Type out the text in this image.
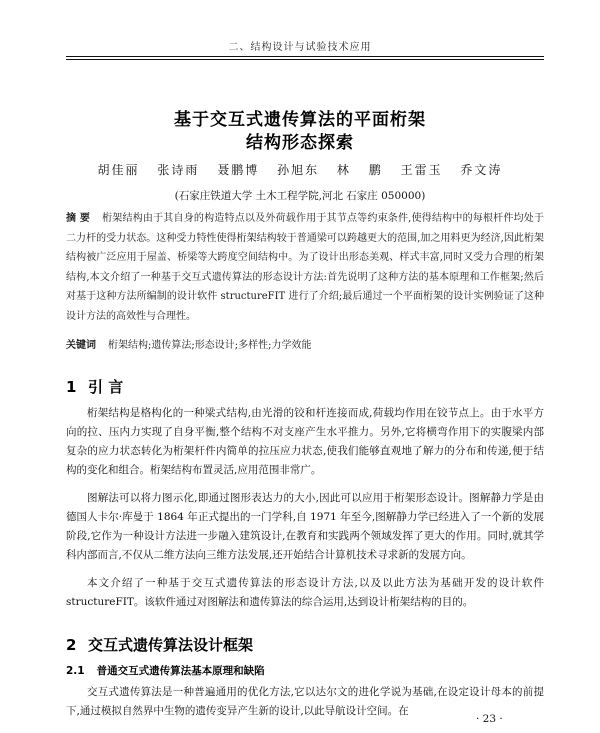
二、结构设计与试验技术应用
基于交互式遗传算法的平面桁架
结构形态探索
胡佳丽 张诗雨 聂鹏博 孙旭东 林 鹏 王雷玉 乔文涛
(石家庄铁道大学 土木工程学院,河北 石家庄 050000)
摘 要 桁架结构由于其自身的构造特点以及外荷载作用于其节点等约束条件,使得结构中的每根杆件均处于二力杆的受力状态。这种受力特性使得桁架结构较于普通梁可以跨越更大的范围,加之用料更为经济,因此桁架结构被广泛应用于屋盖、桥梁等大跨度空间结构中。为了设计出形态美观、样式丰富,同时又受力合理的桁架结构,本文介绍了一种基于交互式遗传算法的形态设计方法:首先说明了这种方法的基本原理和工作框架;然后对基于这种方法所编制的设计软件 structureFIT 进行了介绍;最后通过一个平面桁架的设计实例验证了这种设计方法的高效性与合理性。
关键词 桁架结构;遗传算法;形态设计;多样性;力学效能
1 引 言

桁架结构是格构化的一种梁式结构,由光滑的铰和杆连接而成,荷载均作用在铰节点上。由于水平方向的拉、压内力实现了自身平衡,整个结构不对支座产生水平推力。另外,它将横弯作用下的实腹梁内部复杂的应力状态转化为桁架杆件内简单的拉压应力状态,使我们能够直观地了解力的分布和传递,便于结构的变化和组合。桁架结构布置灵活,应用范围非常广。

图解法可以将力图示化,即通过图形表达力的大小,因此可以应用于桁架形态设计。图解静力学是由德国人卡尔·库曼于 1864 年正式提出的一门学科,自 1971 年至今,图解静力学已经进入了一个新的发展阶段,它作为一种设计方法进一步融入建筑设计,在教育和实践两个领域发挥了更大的作用。同时,就其学科内部而言,不仅从二维方法向三维方法发展,还开始结合计算机技术寻求新的发展方向。

本文介绍了一种基于交互式遗传算法的形态设计方法,以及以此方法为基础开发的设计软件 structureFIT。该软件通过对图解法和遗传算法的综合运用,达到设计桁架结构的目的。

2 交互式遗传算法设计框架
2.1 普通交互式遗传算法基本原理和缺陷

交互式遗传算法是一种普遍通用的优化方法,它以达尔文的进化学说为基础,在设定设计母本的前提下,通过模拟自然界中生物的遗传变异产生新的设计,以此导航设计空间。在

· 23 ·
